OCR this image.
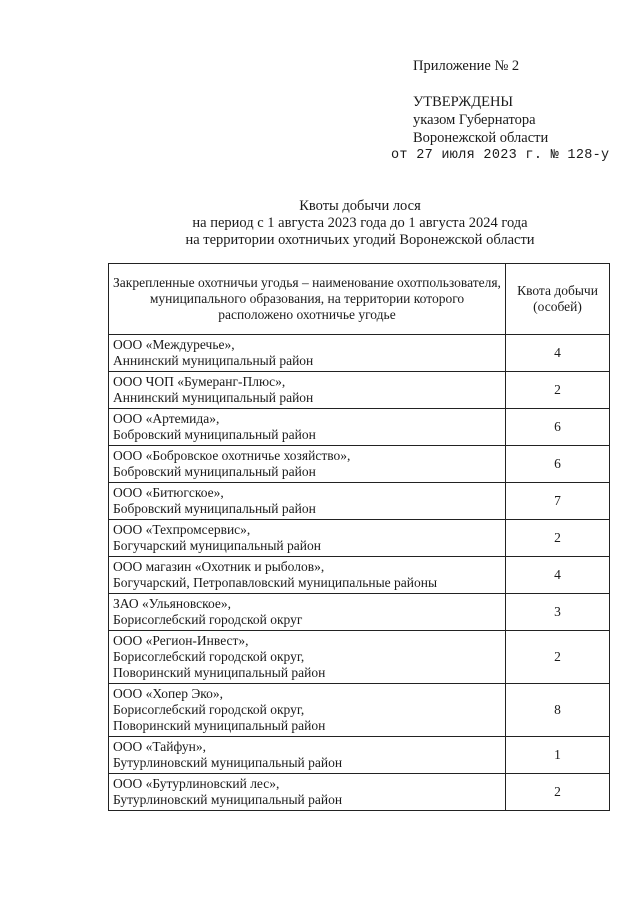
Приложение № 2
УТВЕРЖДЕНЫ
указом Губернатора
Воронежской области
от 27 июля 2023 г. № 128-у
Квоты добычи лося
на период с 1 августа 2023 года до 1 августа 2024 года
на территории охотничьих угодий Воронежской области
Закрепленные охотничьи угодья – наименование охотпользователя, муниципального образования, на территории которого расположено охотничье угодье	Квота добычи (особей)

ООО «Междуречье»,
Аннинский муниципальный район	4

ООО ЧОП «Бумеранг-Плюс»,
Аннинский муниципальный район	2

ООО «Артемида»,
Бобровский муниципальный район	6

ООО «Бобровское охотничье хозяйство»,
Бобровский муниципальный район	6

ООО «Битюгское»,
Бобровский муниципальный район	7

ООО «Техпромсервис»,
Богучарский муниципальный район	2

ООО магазин «Охотник и рыболов»,
Богучарский, Петропавловский муниципальные районы	4

ЗАО «Ульяновское»,
Борисоглебский городской округ	3

ООО «Регион-Инвест»,
Борисоглебский городской округ,
Поворинский муниципальный район	2

ООО «Хопер Эко»,
Борисоглебский городской округ,
Поворинский муниципальный район	8

ООО «Тайфун»,
Бутурлиновский муниципальный район	1

ООО «Бутурлиновский лес»,
Бутурлиновский муниципальный район	2
